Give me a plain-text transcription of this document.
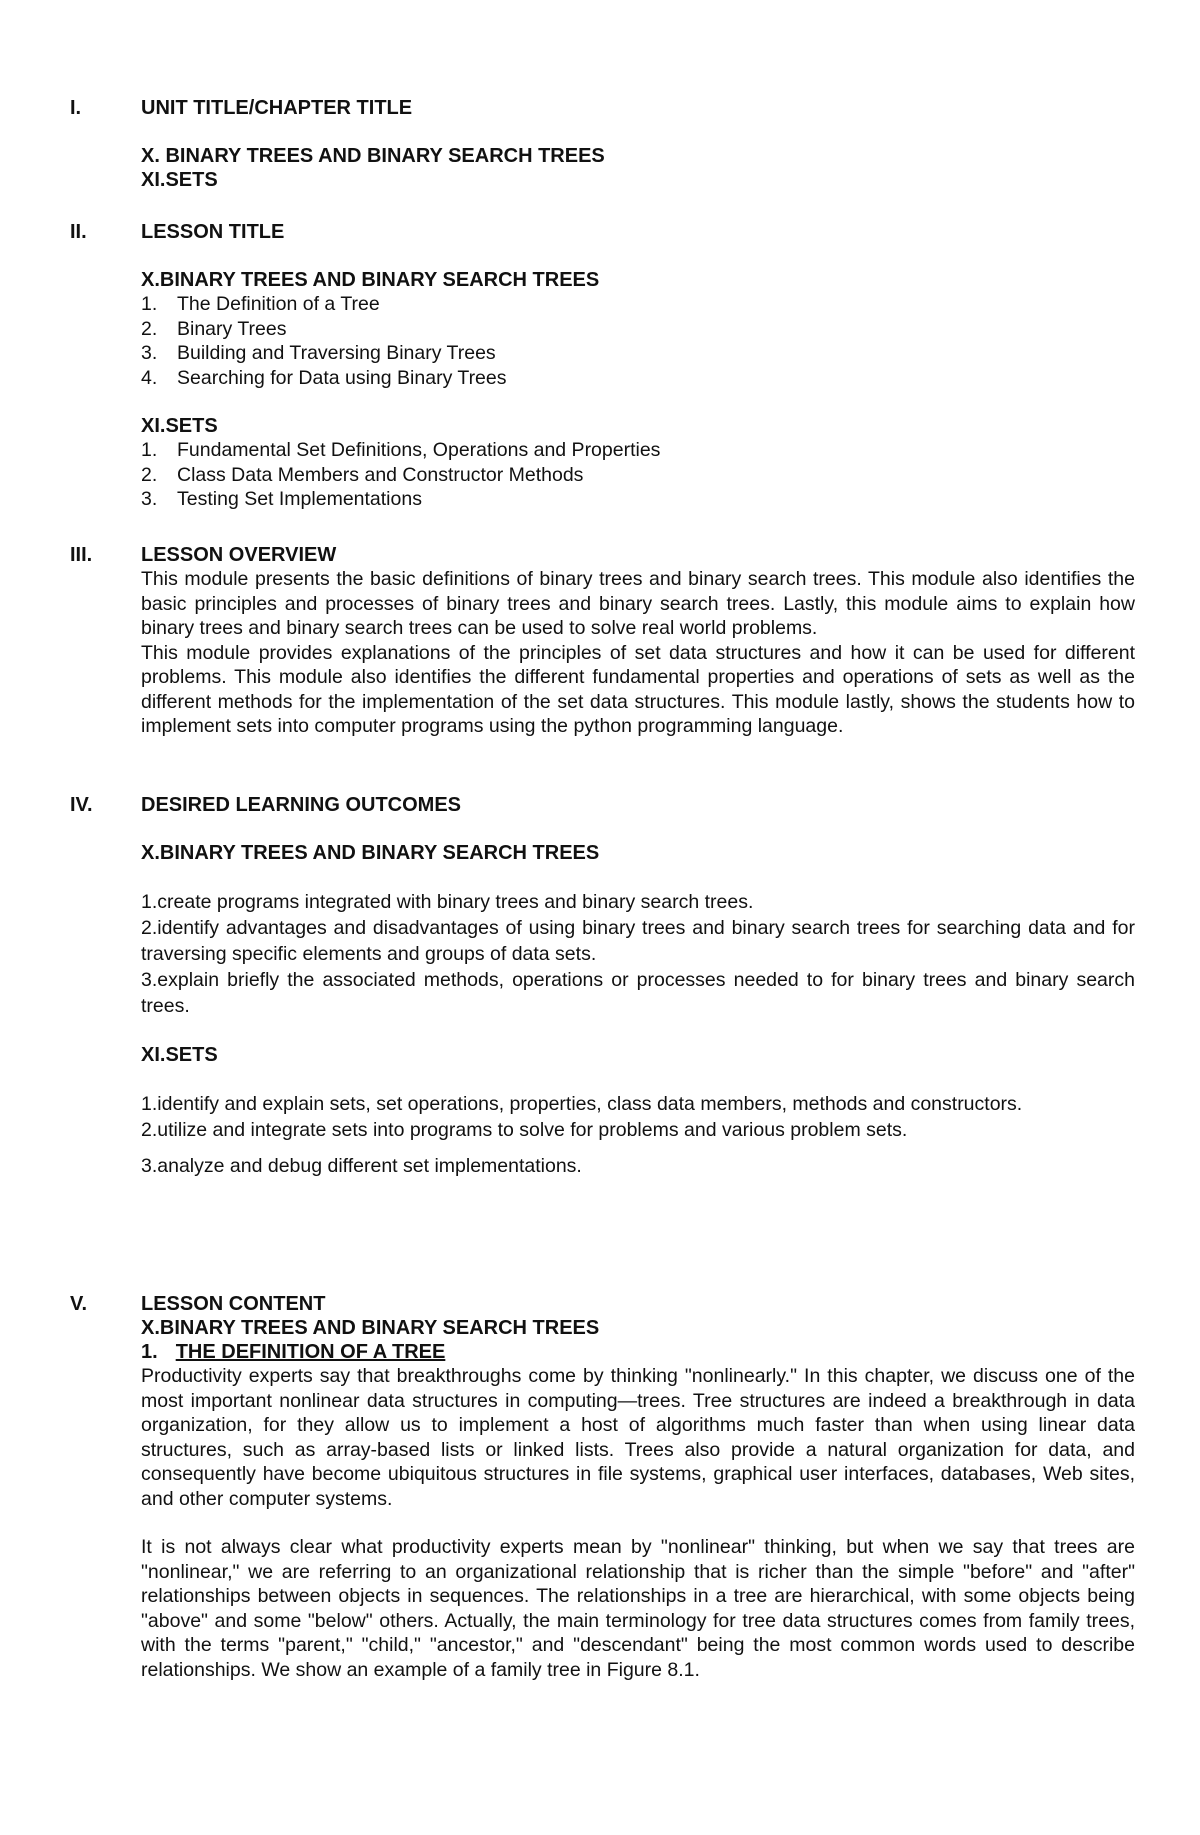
I.	UNIT TITLE/CHAPTER TITLE
X. BINARY TREES AND BINARY SEARCH TREES
XI.SETS
II.	LESSON TITLE
X.BINARY TREES AND BINARY SEARCH TREES
1. The Definition of a Tree
2. Binary Trees
3. Building and Traversing Binary Trees
4. Searching for Data using Binary Trees
XI.SETS
1. Fundamental Set Definitions, Operations and Properties
2. Class Data Members and Constructor Methods
3. Testing Set Implementations
III. LESSON OVERVIEW

This module presents the basic definitions of binary trees and binary search trees. This module also identifies the basic principles and processes of binary trees and binary search trees. Lastly, this module aims to explain how binary trees and binary search trees can be used to solve real world problems.

This module provides explanations of the principles of set data structures and how it can be used for different problems. This module also identifies the different fundamental properties and operations of sets as well as the different methods for the implementation of the set data structures. This module lastly, shows the students how to implement sets into computer programs using the python programming language.

IV. DESIRED LEARNING OUTCOMES
X.BINARY TREES AND BINARY SEARCH TREES

1.create programs integrated with binary trees and binary search trees.

2.identify advantages and disadvantages of using binary trees and binary search trees for searching data and for traversing specific elements and groups of data sets.

3.explain briefly the associated methods, operations or processes needed to for binary trees and binary search trees.

XI.SETS

1.identify and explain sets, set operations, properties, class data members, methods and constructors.

2.utilize and integrate sets into programs to solve for problems and various problem sets.

3.analyze and debug different set implementations.

V.	LESSON CONTENT
X.BINARY TREES AND BINARY SEARCH TREES
1. THE DEFINITION OF A TREE

Productivity experts say that breakthroughs come by thinking "nonlinearly." In this chapter, we discuss one of the most important nonlinear data structures in computing—trees. Tree structures are indeed a breakthrough in data organization, for they allow us to implement a host of algorithms much faster than when using linear data structures, such as array-based lists or linked lists. Trees also provide a natural organization for data, and consequently have become ubiquitous structures in file systems, graphical user interfaces, databases, Web sites, and other computer systems.

It is not always clear what productivity experts mean by "nonlinear" thinking, but when we say that trees are "nonlinear," we are referring to an organizational relationship that is richer than the simple "before" and "after" relationships between objects in sequences. The relationships in a tree are hierarchical, with some objects being "above" and some "below" others. Actually, the main terminology for tree data structures comes from family trees, with the terms "parent," "child," "ancestor," and "descendant" being the most common words used to describe relationships. We show an example of a family tree in Figure 8.1.
